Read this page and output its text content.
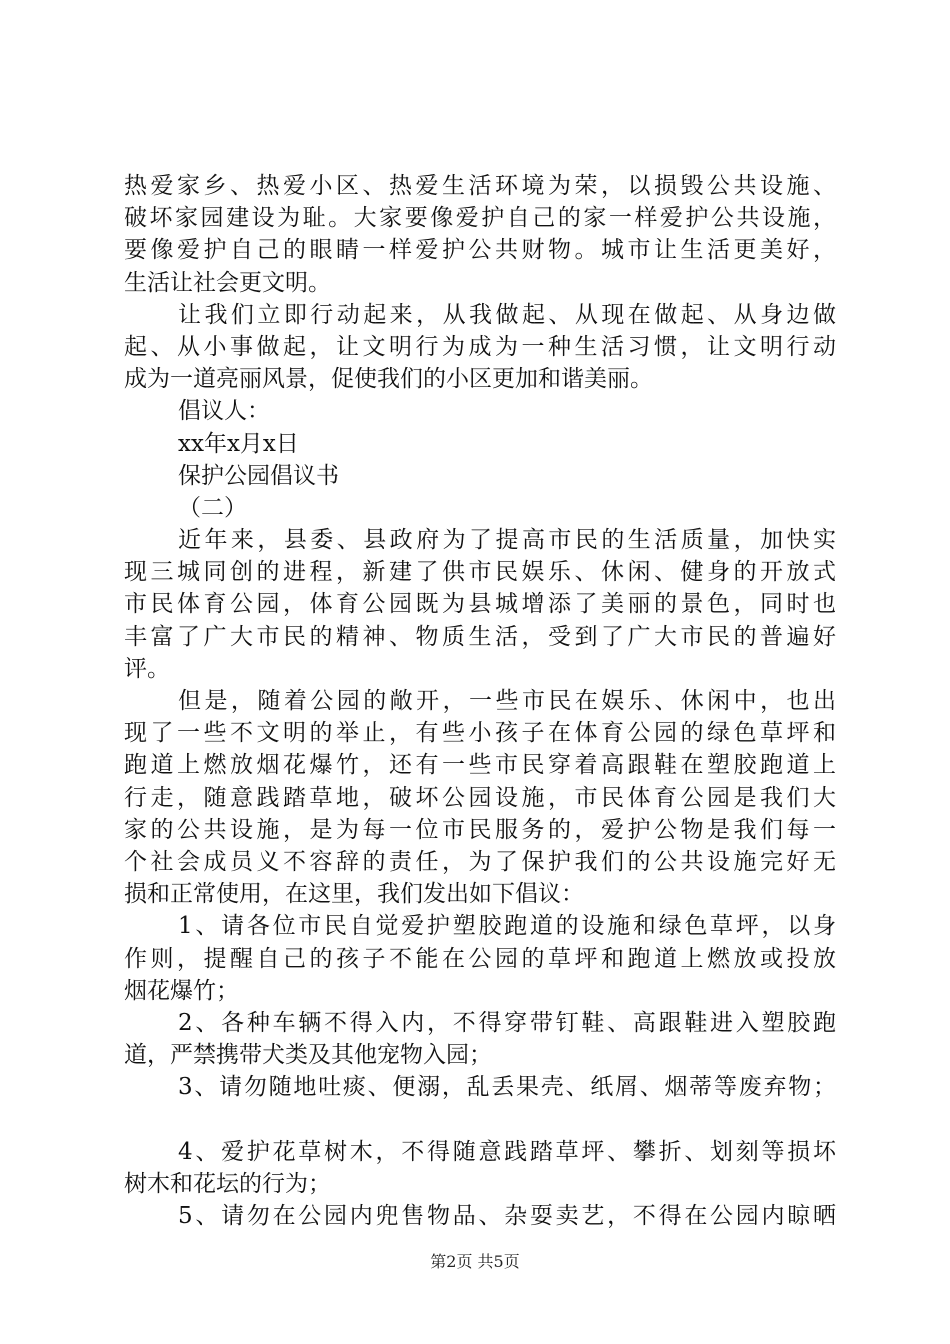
热爱家乡、热爱小区、热爱生活环境为荣，以损毁公共设施、
破坏家园建设为耻。大家要像爱护自己的家一样爱护公共设施，
要像爱护自己的眼睛一样爱护公共财物。城市让生活更美好，
生活让社会更文明。
让我们立即行动起来，从我做起、从现在做起、从身边做
起、从小事做起，让文明行为成为一种生活习惯，让文明行动
成为一道亮丽风景，促使我们的小区更加和谐美丽。
倡议人：
xx年x月x日
保护公园倡议书
（二）
近年来，县委、县政府为了提高市民的生活质量，加快实
现三城同创的进程，新建了供市民娱乐、休闲、健身的开放式
市民体育公园，体育公园既为县城增添了美丽的景色，同时也
丰富了广大市民的精神、物质生活，受到了广大市民的普遍好
评。
但是，随着公园的敞开，一些市民在娱乐、休闲中，也出
现了一些不文明的举止，有些小孩子在体育公园的绿色草坪和
跑道上燃放烟花爆竹，还有一些市民穿着高跟鞋在塑胶跑道上
行走，随意践踏草地，破坏公园设施，市民体育公园是我们大
家的公共设施，是为每一位市民服务的，爱护公物是我们每一
个社会成员义不容辞的责任，为了保护我们的公共设施完好无
损和正常使用，在这里，我们发出如下倡议：
1、请各位市民自觉爱护塑胶跑道的设施和绿色草坪，以身
作则，提醒自己的孩子不能在公园的草坪和跑道上燃放或投放
烟花爆竹；
2、各种车辆不得入内，不得穿带钉鞋、高跟鞋进入塑胶跑
道，严禁携带犬类及其他宠物入园；
3、请勿随地吐痰、便溺，乱丢果壳、纸屑、烟蒂等废弃物；
4、爱护花草树木，不得随意践踏草坪、攀折、划刻等损坏
树木和花坛的行为；
5、请勿在公园内兜售物品、杂耍卖艺，不得在公园内晾晒
第2页 共5页
